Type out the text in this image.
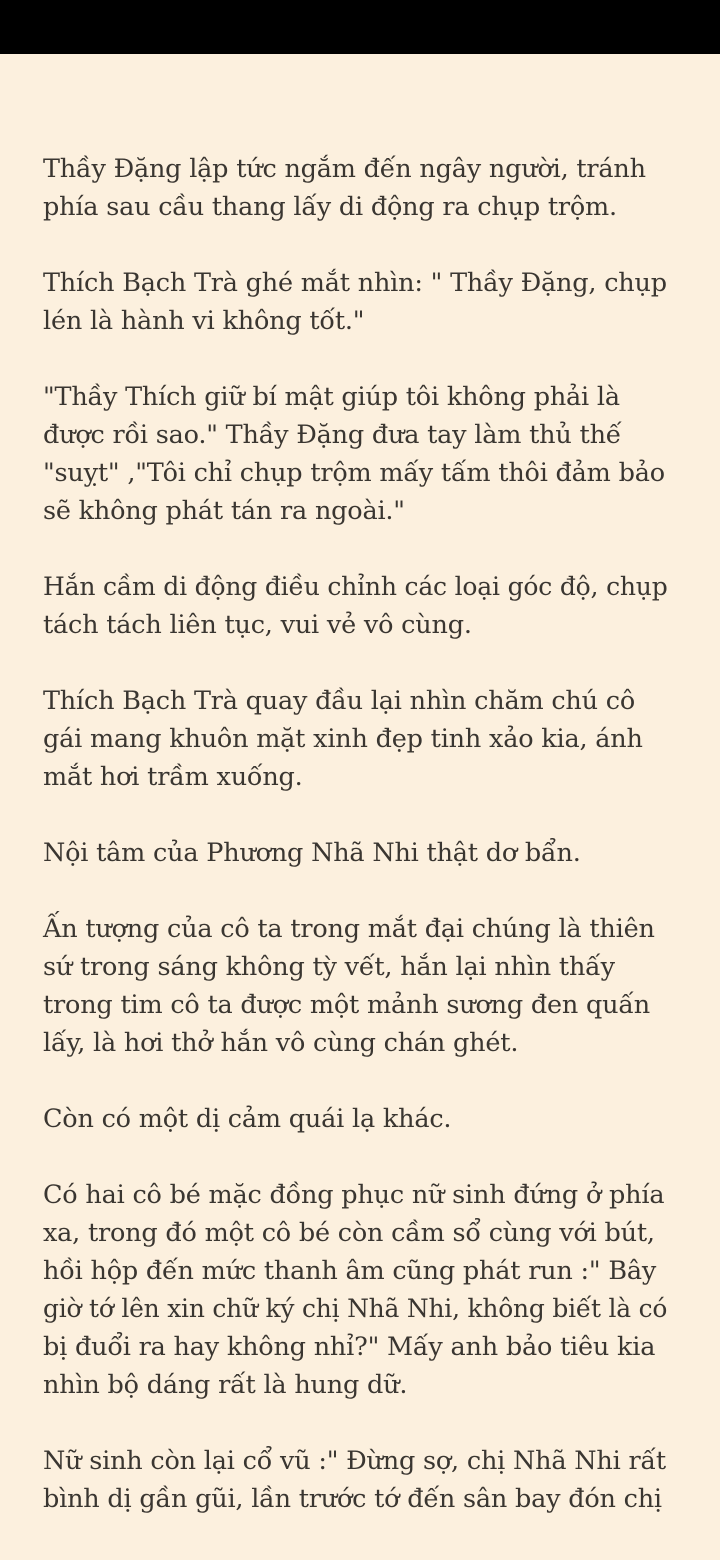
Thầy Đặng lập tức ngắm đến ngây người, tránh
phía sau cầu thang lấy di động ra chụp trộm.

Thích Bạch Trà ghé mắt nhìn: " Thầy Đặng, chụp
lén là hành vi không tốt."

"Thầy Thích giữ bí mật giúp tôi không phải là
được rồi sao." Thầy Đặng đưa tay làm thủ thế
"suỵt" ,"Tôi chỉ chụp trộm mấy tấm thôi đảm bảo
sẽ không phát tán ra ngoài."

Hắn cầm di động điều chỉnh các loại góc độ, chụp
tách tách liên tục, vui vẻ vô cùng.

Thích Bạch Trà quay đầu lại nhìn chăm chú cô
gái mang khuôn mặt xinh đẹp tinh xảo kia, ánh
mắt hơi trầm xuống.

Nội tâm của Phương Nhã Nhi thật dơ bẩn.

Ấn tượng của cô ta trong mắt đại chúng là thiên
sứ trong sáng không tỳ vết, hắn lại nhìn thấy
trong tim cô ta được một mảnh sương đen quấn
lấy, là hơi thở hắn vô cùng chán ghét.

Còn có một dị cảm quái lạ khác.

Có hai cô bé mặc đồng phục nữ sinh đứng ở phía
xa, trong đó một cô bé còn cầm sổ cùng với bút,
hồi hộp đến mức thanh âm cũng phát run :" Bây
giờ tớ lên xin chữ ký chị Nhã Nhi, không biết là có
bị đuổi ra hay không nhỉ?" Mấy anh bảo tiêu kia
nhìn bộ dáng rất là hung dữ.

Nữ sinh còn lại cổ vũ :" Đừng sợ, chị Nhã Nhi rất
bình dị gần gũi, lần trước tớ đến sân bay đón chị
